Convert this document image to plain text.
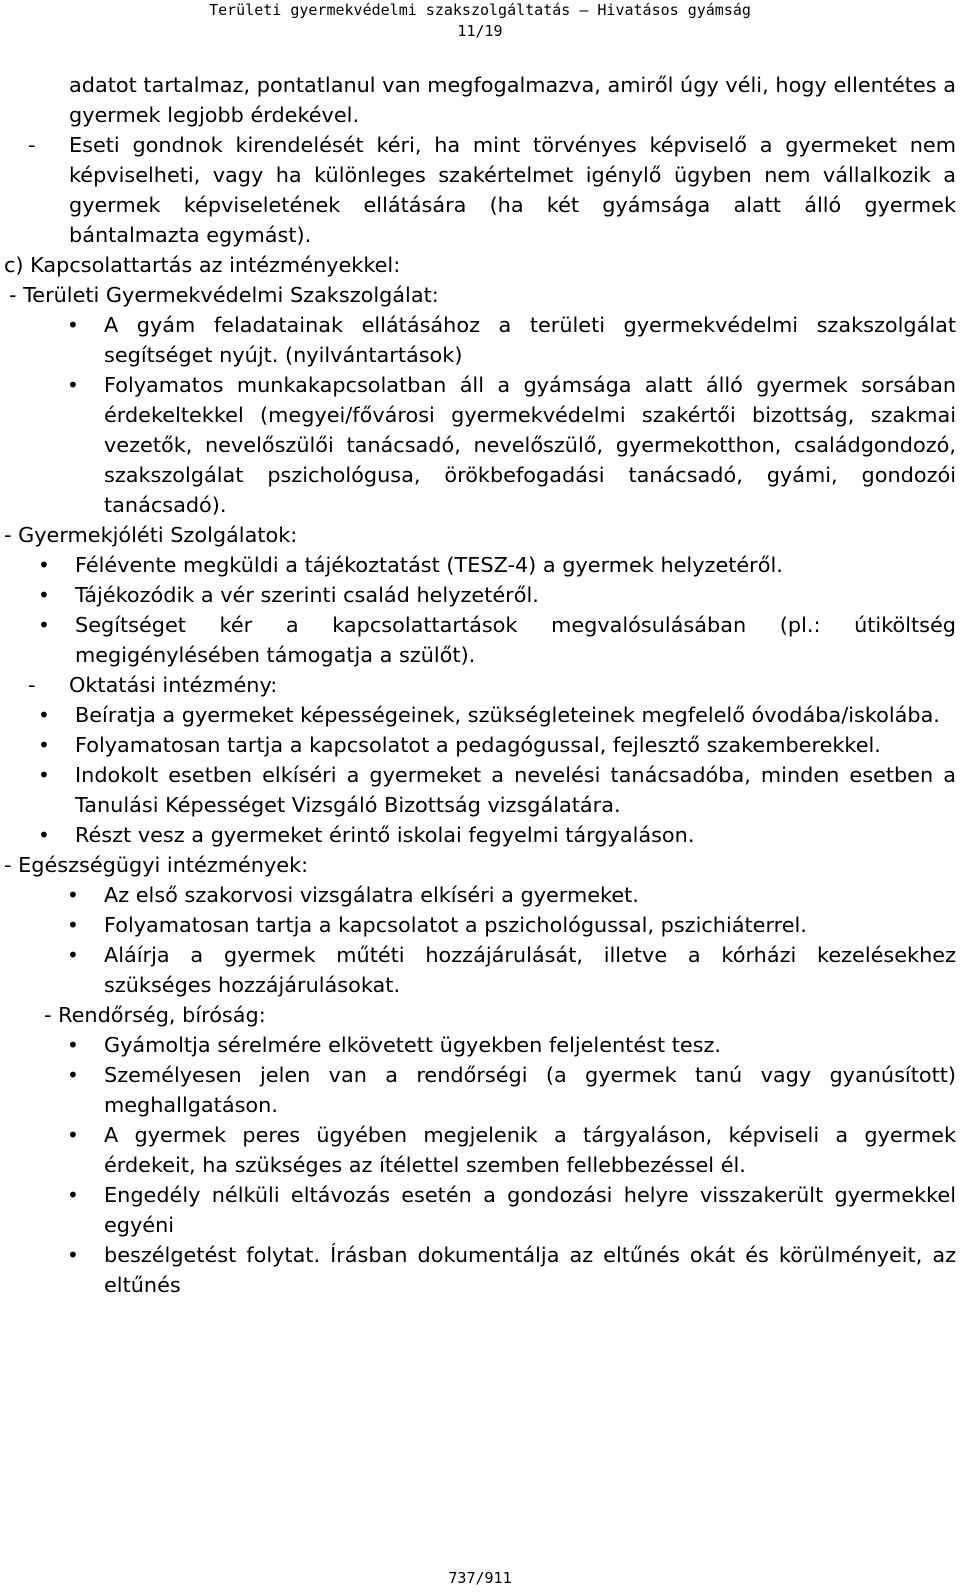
Területi gyermekvédelmi szakszolgáltatás – Hivatásos gyámság
11/19

adatot tartalmaz, pontatlanul van megfogalmazva, amiről úgy véli, hogy ellentétes a gyermek legjobb érdekével.

- Eseti gondnok kirendelését kéri, ha mint törvényes képviselő a gyermeket nem képviselheti, vagy ha különleges szakértelmet igénylő ügyben nem vállalkozik a gyermek képviseletének ellátására (ha két gyámsága alatt álló gyermek bántalmazta egymást).

c) Kapcsolattartás az intézményekkel:

- Területi Gyermekvédelmi Szakszolgálat:

• A gyám feladatainak ellátásához a területi gyermekvédelmi szakszolgálat segítséget nyújt. (nyilvántartások)
• Folyamatos munkakapcsolatban áll a gyámsága alatt álló gyermek sorsában érdekeltekkel (megyei/fővárosi gyermekvédelmi szakértői bizottság, szakmai vezetők, nevelőszülői tanácsadó, nevelőszülő, gyermekotthon, családgondozó, szakszolgálat pszichológusa, örökbefogadási tanácsadó, gyámi, gondozói tanácsadó).

- Gyermekjóléti Szolgálatok:

• Félévente megküldi a tájékoztatást (TESZ-4) a gyermek helyzetéről.
• Tájékozódik a vér szerinti család helyzetéről.
• Segítséget kér a kapcsolattartások megvalósulásában (pl.: útiköltség megigénylésében támogatja a szülőt).

- Oktatási intézmény:

• Beíratja a gyermeket képességeinek, szükségleteinek megfelelő óvodába/iskolába.
• Folyamatosan tartja a kapcsolatot a pedagógussal, fejlesztő szakemberekkel.
• Indokolt esetben elkíséri a gyermeket a nevelési tanácsadóba, minden esetben a Tanulási Képességet Vizsgáló Bizottság vizsgálatára.
• Részt vesz a gyermeket érintő iskolai fegyelmi tárgyaláson.

- Egészségügyi intézmények:

• Az első szakorvosi vizsgálatra elkíséri a gyermeket.
• Folyamatosan tartja a kapcsolatot a pszichológussal, pszichiáterrel.
• Aláírja a gyermek műtéti hozzájárulását, illetve a kórházi kezelésekhez szükséges hozzájárulásokat.

- Rendőrség, bíróság:

• Gyámoltja sérelmére elkövetett ügyekben feljelentést tesz.
• Személyesen jelen van a rendőrségi (a gyermek tanú vagy gyanúsított) meghallgatáson.
• A gyermek peres ügyében megjelenik a tárgyaláson, képviseli a gyermek érdekeit, ha szükséges az ítélettel szemben fellebbezéssel él.
• Engedély nélküli eltávozás esetén a gondozási helyre visszakerült gyermekkel egyéni
• beszélgetést folytat. Írásban dokumentálja az eltűnés okát és körülményeit, az eltűnés
737/911
